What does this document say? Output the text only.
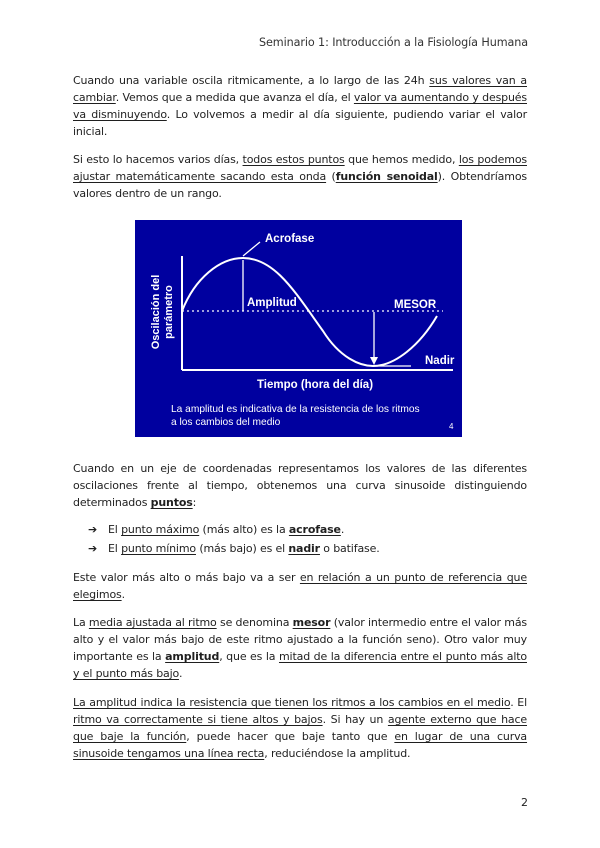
Seminario 1: Introducción a la Fisiología Humana
Cuando una variable oscila ritmicamente, a lo largo de las 24h sus valores van a cambiar. Vemos que a medida que avanza el día, el valor va aumentando y después va disminuyendo. Lo volvemos a medir al día siguiente, pudiendo variar el valor inicial.
Si esto lo hacemos varios días, todos estos puntos que hemos medido, los podemos ajustar matemáticamente sacando esta onda (función senoidal). Obtendríamos valores dentro de un rango.
Acrofase
Amplitud	MESOR
Nadir
Oscilación del parámetro
Tiempo (hora del día)
La amplitud es indicativa de la resistencia de los ritmos
a los cambios del medio	4
Cuando en un eje de coordenadas representamos los valores de las diferentes oscilaciones frente al tiempo, obtenemos una curva sinusoide distinguiendo determinados puntos:
➔ El punto máximo (más alto) es la acrofase.
➔ El punto mínimo (más bajo) es el nadir o batifase.
Este valor más alto o más bajo va a ser en relación a un punto de referencia que elegimos.
La media ajustada al ritmo se denomina mesor (valor intermedio entre el valor más alto y el valor más bajo de este ritmo ajustado a la función seno). Otro valor muy importante es la amplitud, que es la mitad de la diferencia entre el punto más alto y el punto más bajo.
La amplitud indica la resistencia que tienen los ritmos a los cambios en el medio. El ritmo va correctamente si tiene altos y bajos. Si hay un agente externo que hace que baje la función, puede hacer que baje tanto que en lugar de una curva sinusoide tengamos una línea recta, reduciéndose la amplitud.
2
